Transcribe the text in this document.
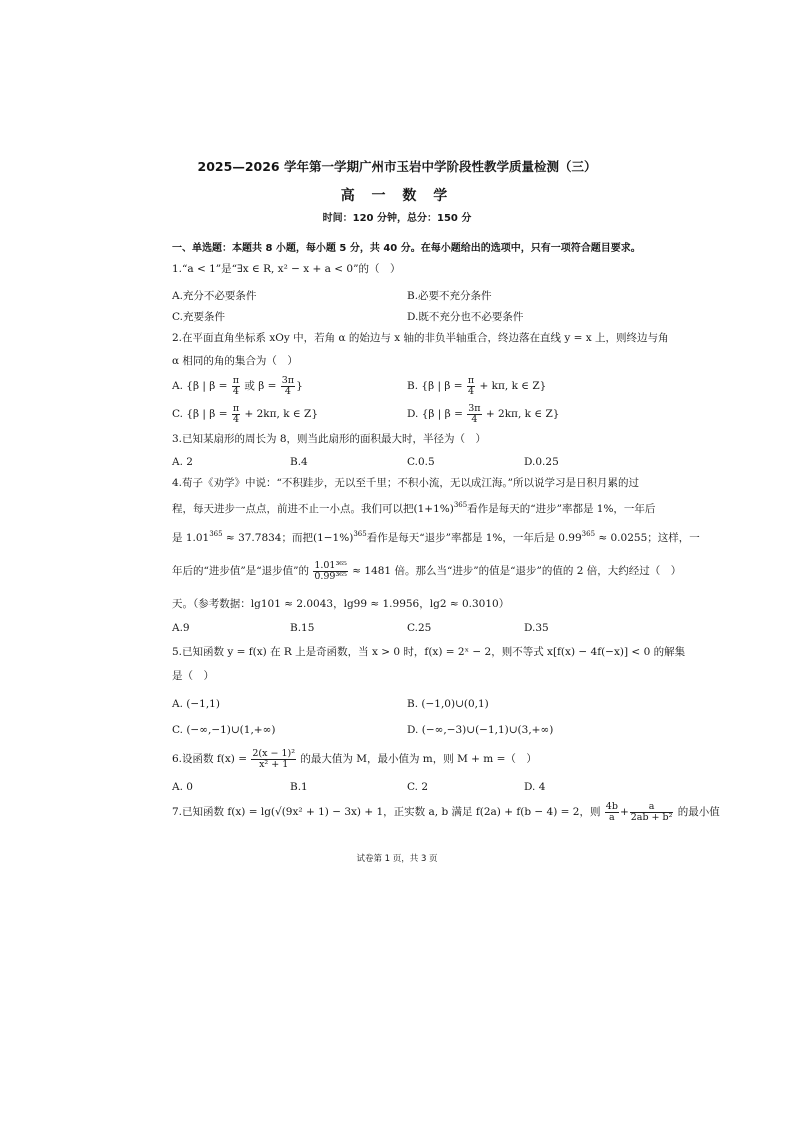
2025—2026 学年第一学期广州市玉岩中学阶段性教学质量检测（三）
高 一 数 学
时间：120 分钟，总分：150 分
一、单选题：本题共 8 小题，每小题 5 分，共 40 分。在每小题给出的选项中，只有一项符合题目要求。
1.“a < 1”是“∃x ∈ R, x² − x + a < 0”的（　）
A.充分不必要条件	B.必要不充分条件
C.充要条件	D.既不充分也不必要条件
2.在平面直角坐标系 xOy 中，若角 α 的始边与 x 轴的非负半轴重合，终边落在直线 y = x 上，则终边与角
α 相同的角的集合为（　）
A. {β | $\beta = \frac{\pi}{4}$ 或 $\beta = \frac{3\pi}{4}$ }	B. {β | $\beta = \frac{\pi}{4} + k\pi$, k ∈ Z}
C. {β | $\beta = \frac{\pi}{4} + 2k\pi$, k ∈ Z}	D. {β | $\beta = \frac{3\pi}{4} + 2k\pi$, k ∈ Z}
3.已知某扇形的周长为 8，则当此扇形的面积最大时，半径为（　）
A. 2	B.4	C.0.5	D.0.25
4.荀子《劝学》中说：“不积跬步，无以至千里；不积小流，无以成江海。”所以说学习是日积月累的过
程，每天进步一点点，前进不止一小点。我们可以把$(1+1\%)^{365}$看作是每天的“进步”率都是 1%，一年后
是 $1.01^{365} \approx 37.7834$；而把$(1-1\%)^{365}$看作是每天“退步”率都是 1%，一年后是 $0.99^{365} \approx 0.0255$；这样，一
年后的“进步值”是“退步值”的 $\frac{\text{1.01³⁶⁵}}{\text{0.99³⁶⁵}} \approx 1481$ 倍。那么当“进步”的值是“退步”的值的 2 倍，大约经过（　）
天。（参考数据：lg101 ≈ 2.0043，lg99 ≈ 1.9956，lg2 ≈ 0.3010）
A.9	B.15	C.25	D.35
5.已知函数 y = f(x) 在 R 上是奇函数，当 x > 0 时，f(x) = 2ˣ − 2，则不等式 x[f(x) − 4f(−x)] < 0 的解集
是（　）
A. (−1,1)	B. (−1,0)∪(0,1)
C. (−∞,−1)∪(1,+∞)	D. (−∞,−3)∪(−1,1)∪(3,+∞)
6.设函数 $f(x) = \frac{\text{2(x − 1)²}}{\text{x² + 1}}$ 的最大值为 M，最小值为 m，则 M + m =（　）
A. 0	B.1	C. 2	D. 4
7.已知函数 f(x) = lg(√(9x² + 1) − 3x) + 1，正实数 a, b 满足 f(2a) + f(b − 4) = 2，则 $\frac{4b}{a} + \frac{a}{\text{2ab + b²}}$ 的最小值
试卷第 1 页，共 3 页
